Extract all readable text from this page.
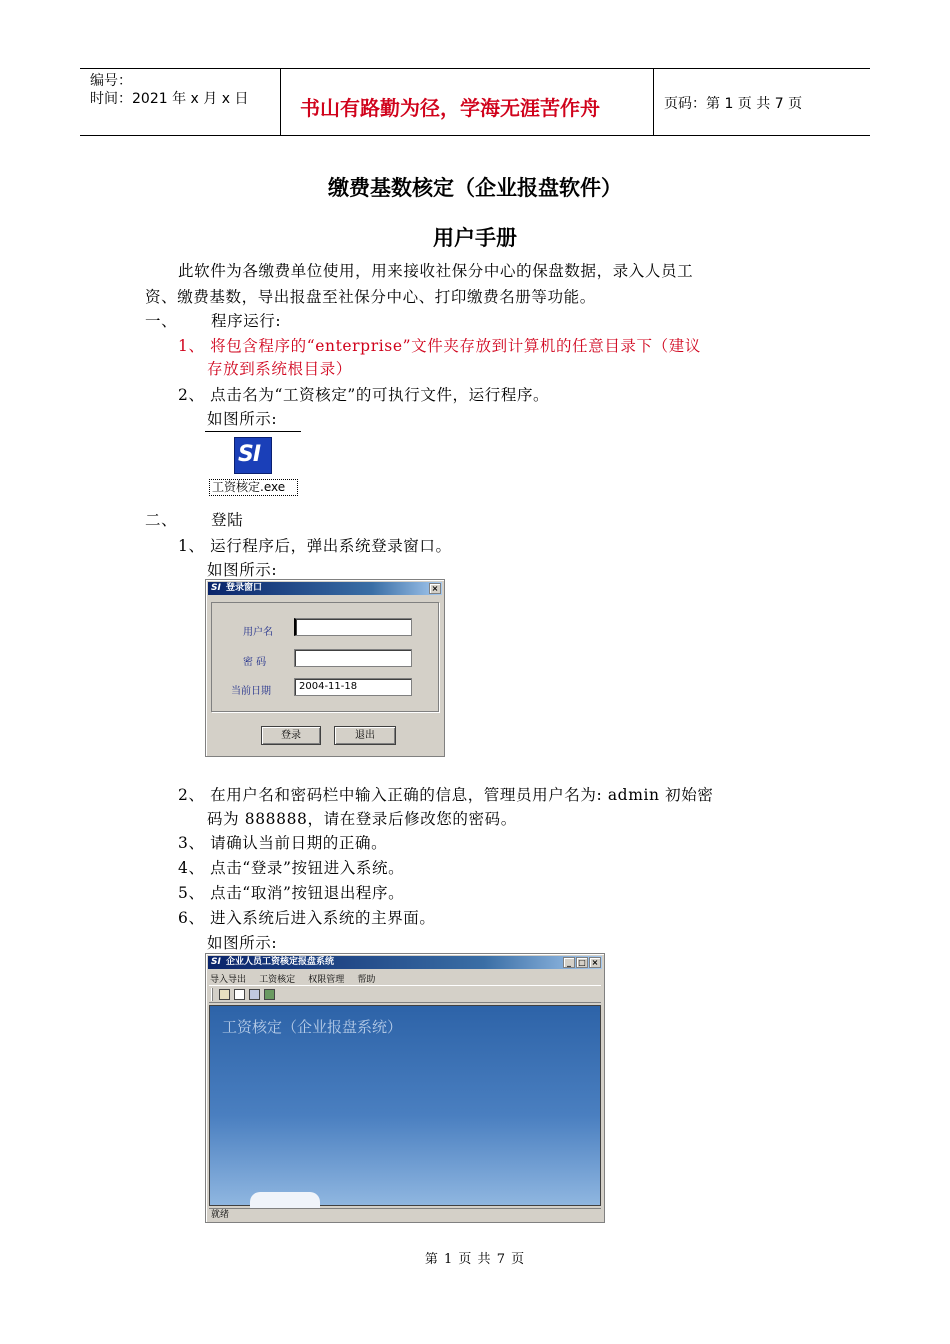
编号：
时间：2021 年 x 月 x 日	书山有路勤为径，学海无涯苦作舟	页码：第 1 页 共 7 页
缴费基数核定（企业报盘软件）
用户手册
此软件为各缴费单位使用，用来接收社保分中心的保盘数据，录入人员工
资、缴费基数，导出报盘至社保分中心、打印缴费名册等功能。
一、 程序运行:
1、 将包含程序的“enterprise”文件夹存放到计算机的任意目录下（建议
存放到系统根目录）
2、 点击名为“工资核定”的可执行文件，运行程序。
如图所示:
SI
工资核定.exe
二、 登陆
1、 运行程序后，弹出系统登录窗口。
如图所示:
SI 登录窗口	×
用户名
密 码
当前日期	2004-11-18
登录	退出
2、 在用户名和密码栏中输入正确的信息，管理员用户名为: admin 初始密
码为 888888，请在登录后修改您的密码。
3、 请确认当前日期的正确。
4、 点击“登录”按钮进入系统。
5、 点击“取消”按钮退出程序。
6、 进入系统后进入系统的主界面。
如图所示:
SI 企业人员工资核定报盘系统	_ □ ×
导入导出 工资核定 权限管理 帮助
工资核定（企业报盘系统）
就绪
第 1 页 共 7 页
